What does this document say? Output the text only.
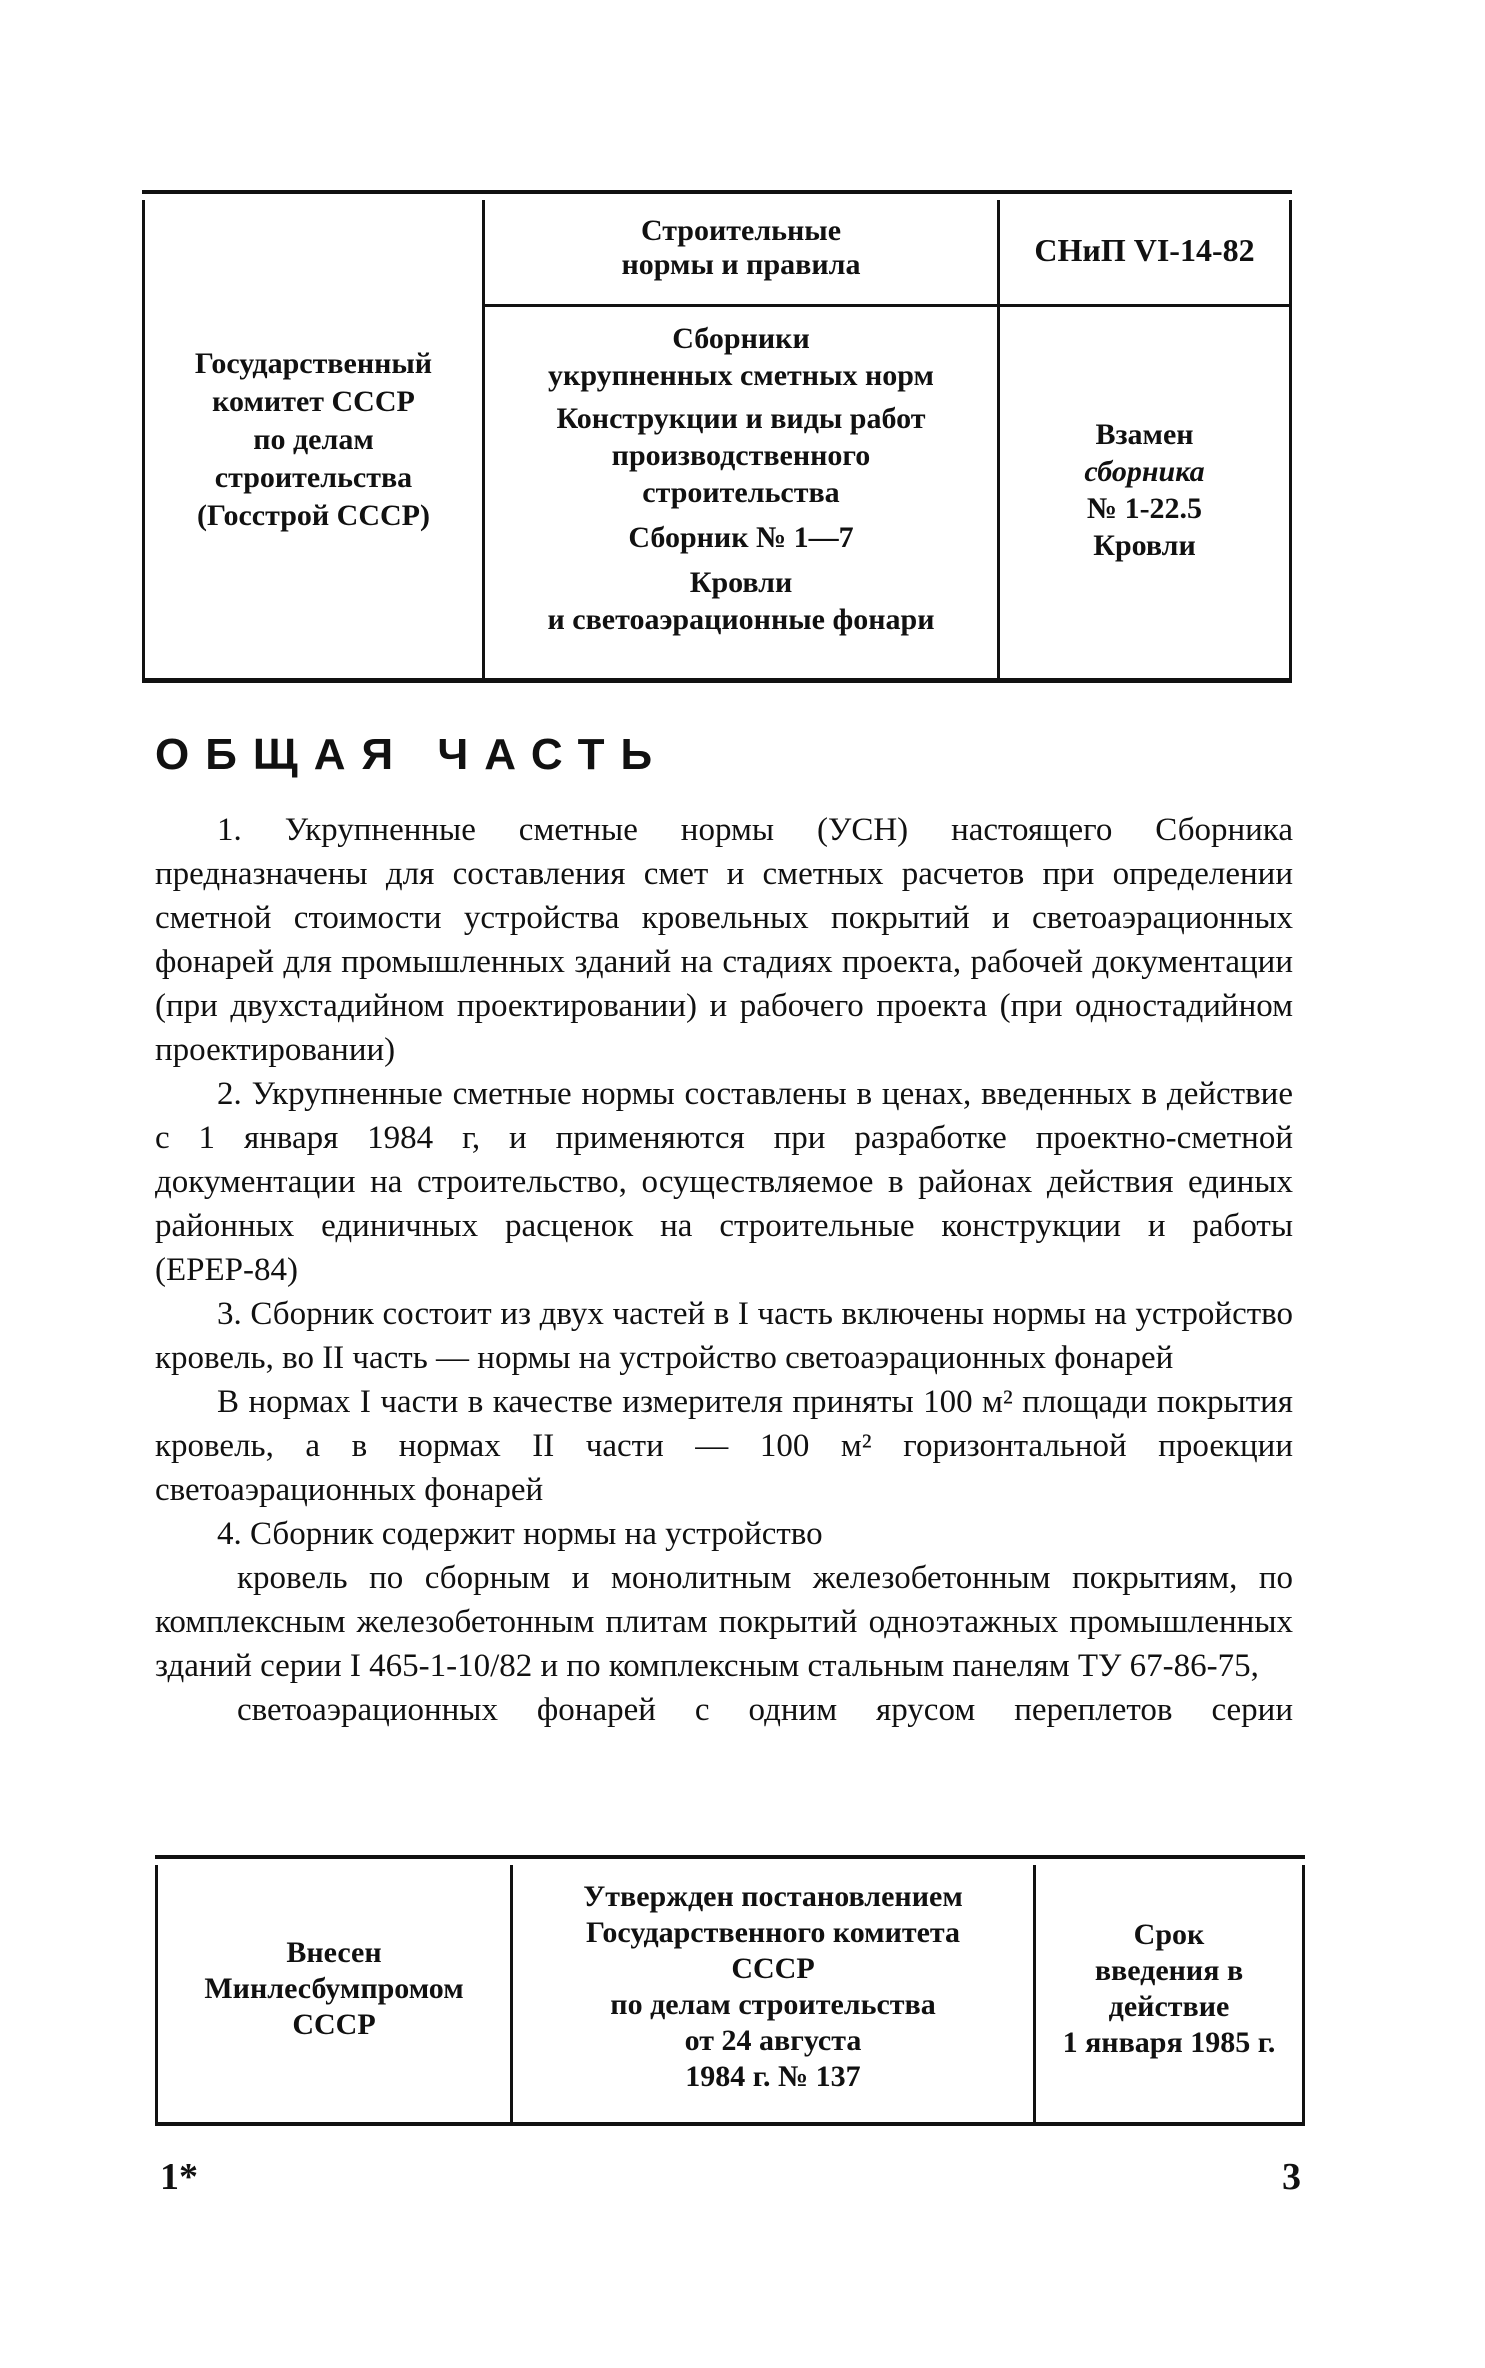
Государственный
комитет СССР
по делам
строительства
(Госстрой СССР)
Строительные
нормы и правила	СНиП VI-14-82
Сборники
укрупненных сметных норм
Конструкции и виды работ
производственного
строительства
Сборник № 1—7
Кровли
и светоаэрационные фонари
Взамен
сборника
№ 1-22.5
Кровли
ОБЩАЯ ЧАСТЬ

1. Укрупненные сметные нормы (УСН) настоящего Сборника предназначены для составления смет и сметных расчетов при определении сметной стоимости устройства кровельных покрытий и светоаэрационных фонарей для промышленных зданий на стадиях проекта, рабочей документации (при двухстадийном проектировании) и рабочего проекта (при одностадийном проектировании)

2. Укрупненные сметные нормы составлены в ценах, введенных в действие с 1 января 1984 г, и применяются при разработке проектно-сметной документации на строительство, осуществляемое в районах действия единых районных единичных расценок на строительные конструкции и работы (ЕРЕР-84)

3. Сборник состоит из двух частей в I часть включены нормы на устройство кровель, во II часть — нормы на устройство светоаэрационных фонарей

В нормах I части в качестве измерителя приняты 100 м² площади покрытия кровель, а в нормах II части — 100 м² горизонтальной проекции светоаэрационных фонарей

4. Сборник содержит нормы на устройство

кровель по сборным и монолитным железобетонным покрытиям, по комплексным железобетонным плитам покрытий одноэтажных промышленных зданий серии I 465-1-10/82 и по комплексным стальным панелям ТУ 67-86-75,

светоаэрационных фонарей с одним ярусом переплетов серии

Внесен
Минлесбумпромом
СССР
Утвержден постановлением
Государственного комитета
СССР
по делам строительства
от 24 августа
1984 г. № 137
Срок
введения в
действие
1 января 1985 г.
1*	3
